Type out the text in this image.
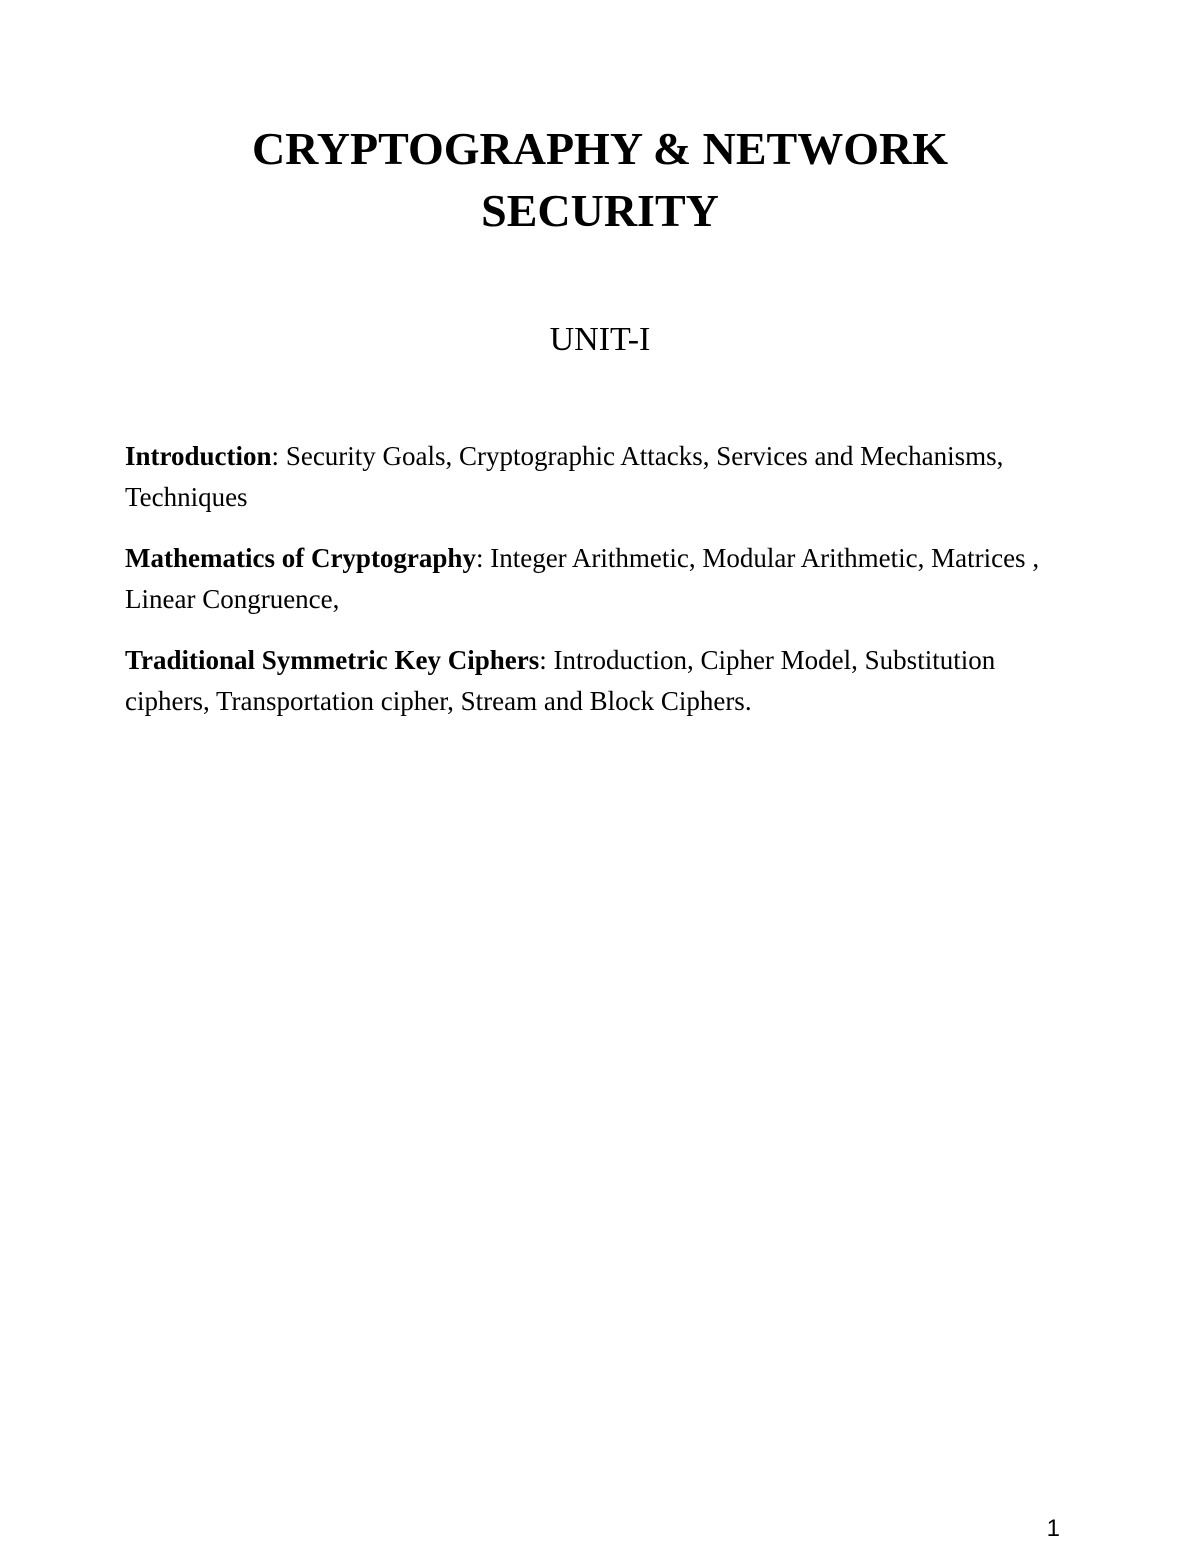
CRYPTOGRAPHY & NETWORK
SECURITY
UNIT-I

Introduction: Security Goals, Cryptographic Attacks, Services and Mechanisms, Techniques

Mathematics of Cryptography: Integer Arithmetic, Modular Arithmetic, Matrices , Linear Congruence,

Traditional Symmetric Key Ciphers: Introduction, Cipher Model, Substitution ciphers, Transportation cipher, Stream and Block Ciphers.

1
